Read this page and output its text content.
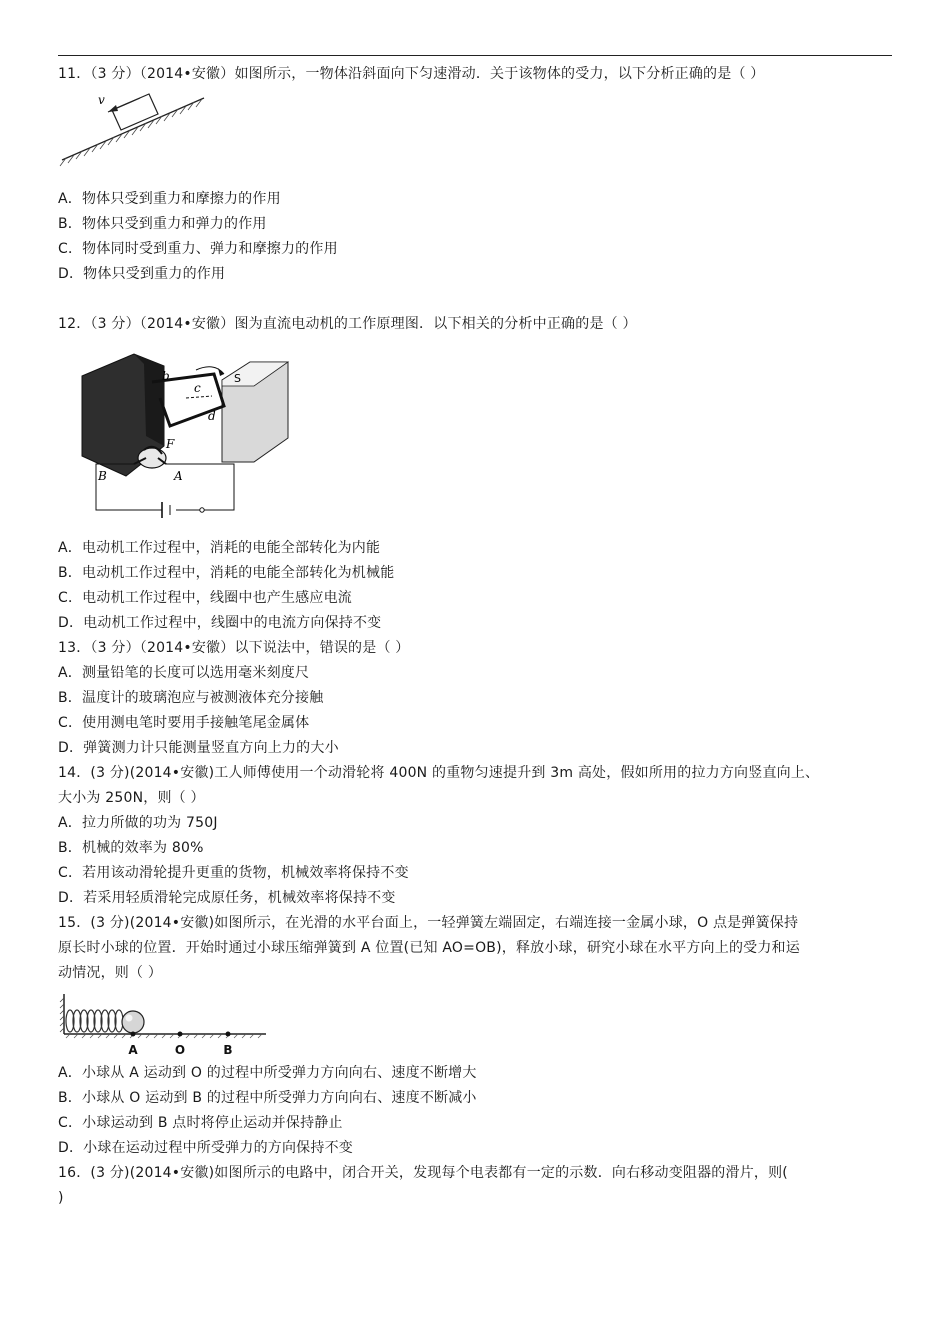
11．（3 分）（2014•安徽）如图所示，一物体沿斜面向下匀速滑动．关于该物体的受力，以下分析正确的是（ ）
v
A．物体只受到重力和摩擦力的作用
B．物体只受到重力和弹力的作用
C．物体同时受到重力、弹力和摩擦力的作用
D．物体只受到重力的作用
12．（3 分）（2014•安徽）图为直流电动机的工作原理图．以下相关的分析中正确的是（ ）
S
b
c
d
F
B	A
A．电动机工作过程中，消耗的电能全部转化为内能
B．电动机工作过程中，消耗的电能全部转化为机械能
C．电动机工作过程中，线圈中也产生感应电流
D．电动机工作过程中，线圈中的电流方向保持不变
13．（3 分）（2014•安徽）以下说法中，错误的是（ ）
A．测量铅笔的长度可以选用毫米刻度尺
B．温度计的玻璃泡应与被测液体充分接触
C．使用测电笔时要用手接触笔尾金属体
D．弹簧测力计只能测量竖直方向上力的大小
14．(3 分)(2014•安徽)工人师傅使用一个动滑轮将 400N 的重物匀速提升到 3m 高处，假如所用的拉力方向竖直向上、
大小为 250N，则（ ）
A．拉力所做的功为 750J
B．机械的效率为 80%
C．若用该动滑轮提升更重的货物，机械效率将保持不变
D．若采用轻质滑轮完成原任务，机械效率将保持不变
15．(3 分)(2014•安徽)如图所示，在光滑的水平台面上，一轻弹簧左端固定，右端连接一金属小球，O 点是弹簧保持
原长时小球的位置．开始时通过小球压缩弹簧到 A 位置(已知 AO=OB)，释放小球，研究小球在水平方向上的受力和运
动情况，则（ ）
A	O	B
A．小球从 A 运动到 O 的过程中所受弹力方向向右、速度不断增大
B．小球从 O 运动到 B 的过程中所受弹力方向向右、速度不断减小
C．小球运动到 B 点时将停止运动并保持静止
D．小球在运动过程中所受弹力的方向保持不变
16．(3 分)(2014•安徽)如图所示的电路中，闭合开关，发现每个电表都有一定的示数．向右移动变阻器的滑片，则(
)
